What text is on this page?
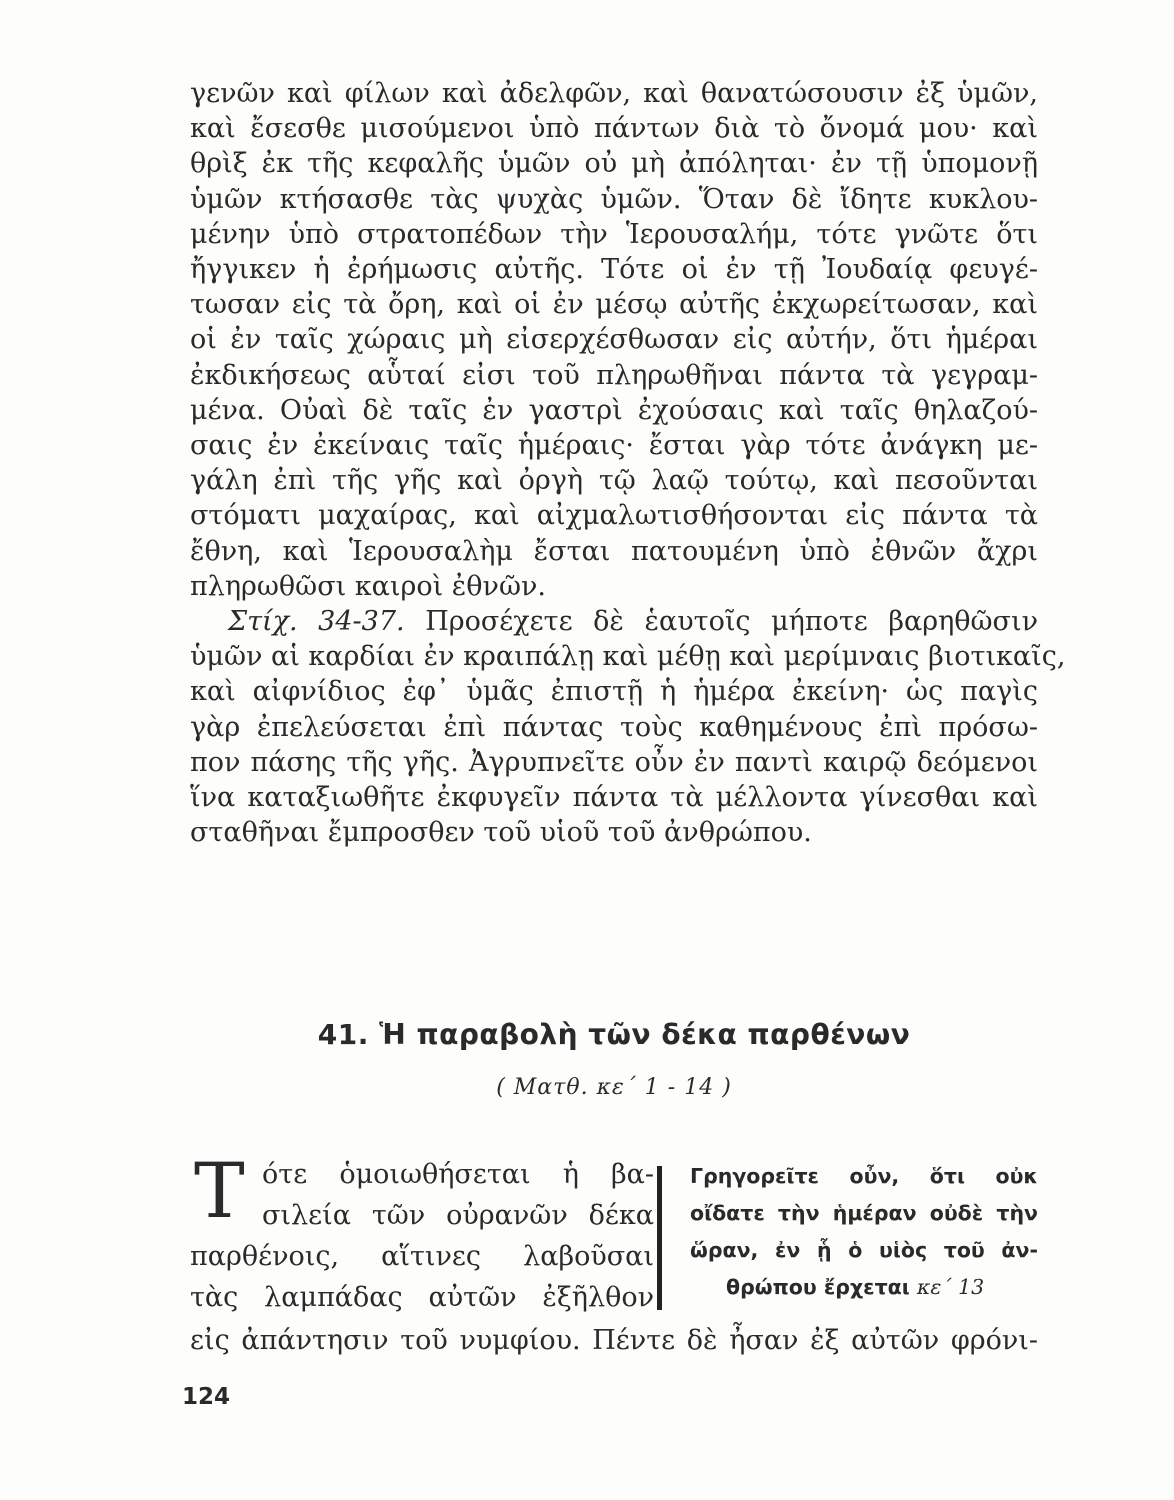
γενῶν καὶ φίλων καὶ ἀδελφῶν, καὶ θανατώσουσιν ἐξ ὑμῶν,
καὶ ἔσεσθε μισούμενοι ὑπὸ πάντων διὰ τὸ ὄνομά μου· καὶ
θρὶξ ἐκ τῆς κεφαλῆς ὑμῶν οὐ μὴ ἀπόληται· ἐν τῇ ὑπομονῇ
ὑμῶν κτήσασθε τὰς ψυχὰς ὑμῶν. Ὅταν δὲ ἴδητε κυκλου-
μένην ὑπὸ στρατοπέδων τὴν Ἱερουσαλήμ, τότε γνῶτε ὅτι
ἤγγικεν ἡ ἐρήμωσις αὐτῆς. Τότε οἱ ἐν τῇ Ἰουδαίᾳ φευγέ-
τωσαν εἰς τὰ ὄρη, καὶ οἱ ἐν μέσῳ αὐτῆς ἐκχωρείτωσαν, καὶ
οἱ ἐν ταῖς χώραις μὴ εἰσερχέσθωσαν εἰς αὐτήν, ὅτι ἡμέραι
ἐκδικήσεως αὗταί εἰσι τοῦ πληρωθῆναι πάντα τὰ γεγραμ-
μένα. Οὐαὶ δὲ ταῖς ἐν γαστρὶ ἐχούσαις καὶ ταῖς θηλαζού-
σαις ἐν ἐκείναις ταῖς ἡμέραις· ἔσται γὰρ τότε ἀνάγκη με-
γάλη ἐπὶ τῆς γῆς καὶ ὀργὴ τῷ λαῷ τούτῳ, καὶ πεσοῦνται
στόματι μαχαίρας, καὶ αἰχμαλωτισθήσονται εἰς πάντα τὰ
ἔθνη, καὶ Ἱερουσαλὴμ ἔσται πατουμένη ὑπὸ ἐθνῶν ἄχρι
πληρωθῶσι καιροὶ ἐθνῶν.
Στίχ. 34-37. Προσέχετε δὲ ἑαυτοῖς μήποτε βαρηθῶσιν
ὑμῶν αἱ καρδίαι ἐν κραιπάλῃ καὶ μέθῃ καὶ μερίμναις βιοτικαῖς,
καὶ αἰφνίδιος ἐφ᾽ ὑμᾶς ἐπιστῇ ἡ ἡμέρα ἐκείνη· ὡς παγὶς
γὰρ ἐπελεύσεται ἐπὶ πάντας τοὺς καθημένους ἐπὶ πρόσω-
πον πάσης τῆς γῆς. Ἀγρυπνεῖτε οὖν ἐν παντὶ καιρῷ δεόμενοι
ἵνα καταξιωθῆτε ἐκφυγεῖν πάντα τὰ μέλλοντα γίνεσθαι καὶ
σταθῆναι ἔμπροσθεν τοῦ υἱοῦ τοῦ ἀνθρώπου.
41. Ἡ παραβολὴ τῶν δέκα παρθένων
( Ματθ. κε΄ 1 - 14 )
Τ ότε ὁμοιωθήσεται ἡ βα-
σιλεία τῶν οὐρανῶν δέκα
παρθένοις, αἵτινες λαβοῦσαι
τὰς λαμπάδας αὐτῶν ἐξῆλθον
Γρηγορεῖτε οὖν, ὅτι οὐκ
οἴδατε τὴν ἡμέραν οὐδὲ τὴν
ὥραν, ἐν ᾗ ὁ υἱὸς τοῦ ἀν-
θρώπου ἔρχεται κε΄ 13
εἰς ἀπάντησιν τοῦ νυμφίου. Πέντε δὲ ἦσαν ἐξ αὐτῶν φρόνι-
124
